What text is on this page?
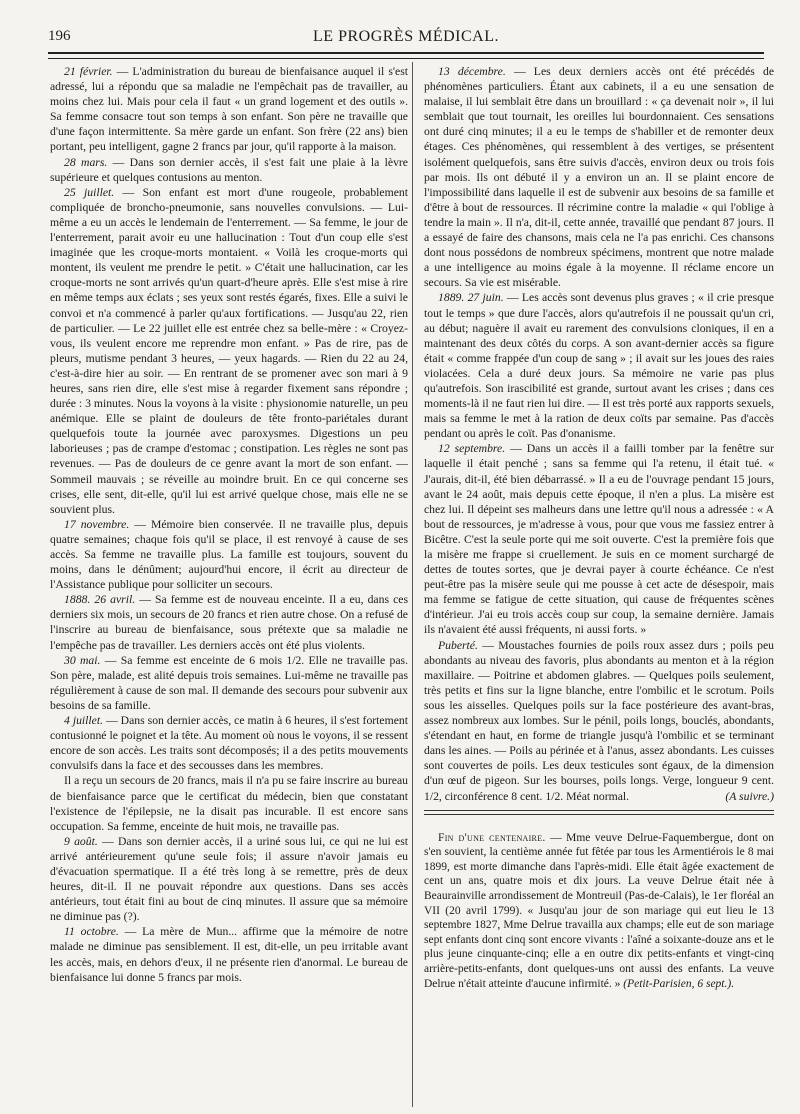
196	LE PROGRÈS MÉDICAL.

21 février. — L'administration du bureau de bienfaisance auquel il s'est adressé, lui a répondu que sa maladie ne l'empêchait pas de travailler, au moins chez lui. Mais pour cela il faut « un grand logement et des outils ». Sa femme consacre tout son temps à son enfant. Son père ne travaille que d'une façon intermittente. Sa mère garde un enfant. Son frère (22 ans) bien portant, peu intelligent, gagne 2 francs par jour, qu'il rapporte à la maison.

28 mars. — Dans son dernier accès, il s'est fait une plaie à la lèvre supérieure et quelques contusions au menton.

25 juillet. — Son enfant est mort d'une rougeole, probablement compliquée de broncho-pneumonie, sans nouvelles convulsions. — Lui-même a eu un accès le lendemain de l'enterrement. — Sa femme, le jour de l'enterrement, parait avoir eu une hallucination : Tout d'un coup elle s'est imaginée que les croque-morts montaient. « Voilà les croque-morts qui montent, ils veulent me prendre le petit. » C'était une hallucination, car les croque-morts ne sont arrivés qu'un quart-d'heure après. Elle s'est mise à rire en même temps aux éclats ; ses yeux sont restés égarés, fixes. Elle a suivi le convoi et n'a commencé à parler qu'aux fortifications. — Jusqu'au 22, rien de particulier. — Le 22 juillet elle est entrée chez sa belle-mère : « Croyez-vous, ils veulent encore me reprendre mon enfant. » Pas de rire, pas de pleurs, mutisme pendant 3 heures, — yeux hagards. — Rien du 22 au 24, c'est-à-dire hier au soir. — En rentrant de se promener avec son mari à 9 heures, sans rien dire, elle s'est mise à regarder fixement sans répondre ; durée : 3 minutes. Nous la voyons à la visite : physionomie naturelle, un peu anémique. Elle se plaint de douleurs de tête fronto-pariétales durant quelquefois toute la journée avec paroxysmes. Digestions un peu laborieuses ; pas de crampe d'estomac ; constipation. Les règles ne sont pas revenues. — Pas de douleurs de ce genre avant la mort de son enfant. — Sommeil mauvais ; se réveille au moindre bruit. En ce qui concerne ses crises, elle sent, dit-elle, qu'il lui est arrivé quelque chose, mais elle ne se souvient plus.

17 novembre. — Mémoire bien conservée. Il ne travaille plus, depuis quatre semaines; chaque fois qu'il se place, il est renvoyé à cause de ses accès. Sa femme ne travaille plus. La famille est toujours, souvent du moins, dans le dénûment; aujourd'hui encore, il écrit au directeur de l'Assistance publique pour solliciter un secours.

1888. 26 avril. — Sa femme est de nouveau enceinte. Il a eu, dans ces derniers six mois, un secours de 20 francs et rien autre chose. On a refusé de l'inscrire au bureau de bienfaisance, sous prétexte que sa maladie ne l'empêche pas de travailler. Les derniers accès ont été plus violents.

30 mai. — Sa femme est enceinte de 6 mois 1/2. Elle ne travaille pas. Son père, malade, est alité depuis trois semaines. Lui-même ne travaille pas régulièrement à cause de son mal. Il demande des secours pour subvenir aux besoins de sa famille.

4 juillet. — Dans son dernier accès, ce matin à 6 heures, il s'est fortement contusionné le poignet et la tête. Au moment où nous le voyons, il se ressent encore de son accès. Les traits sont décomposés; il a des petits mouvements convulsifs dans la face et des secousses dans les membres.

Il a reçu un secours de 20 francs, mais il n'a pu se faire inscrire au bureau de bienfaisance parce que le certificat du médecin, bien que constatant l'existence de l'épilepsie, ne la disait pas incurable. Il est encore sans occupation. Sa femme, enceinte de huit mois, ne travaille pas.

9 août. — Dans son dernier accès, il a uriné sous lui, ce qui ne lui est arrivé antérieurement qu'une seule fois; il assure n'avoir jamais eu d'évacuation spermatique. Il a été très long à se remettre, près de deux heures, dit-il. Il ne pouvait répondre aux questions. Dans ses accès antérieurs, tout était fini au bout de cinq minutes. Il assure que sa mémoire ne diminue pas (?).

11 octobre. — La mère de Mun... affirme que la mémoire de notre malade ne diminue pas sensiblement. Il est, dit-elle, un peu irritable avant les accès, mais, en dehors d'eux, il ne présente rien d'anormal. Le bureau de bienfaisance lui donne 5 francs par mois.

13 décembre. — Les deux derniers accès ont été précédés de phénomènes particuliers. Étant aux cabinets, il a eu une sensation de malaise, il lui semblait être dans un brouillard : « ça devenait noir », il lui semblait que tout tournait, les oreilles lui bourdonnaient. Ces sensations ont duré cinq minutes; il a eu le temps de s'habiller et de remonter deux étages. Ces phénomènes, qui ressemblent à des vertiges, se présentent isolément quelquefois, sans être suivis d'accès, environ deux ou trois fois par mois. Ils ont débuté il y a environ un an. Il se plaint encore de l'impossibilité dans laquelle il est de subvenir aux besoins de sa famille et d'être à bout de ressources. Il récrimine contre la maladie « qui l'oblige à tendre la main ». Il n'a, dit-il, cette année, travaillé que pendant 87 jours. Il a essayé de faire des chansons, mais cela ne l'a pas enrichi. Ces chansons dont nous possédons de nombreux spécimens, montrent que notre malade a une intelligence au moins égale à la moyenne. Il réclame encore un secours. Sa vie est misérable.

1889. 27 juin. — Les accès sont devenus plus graves ; « il crie presque tout le temps » que dure l'accès, alors qu'autrefois il ne poussait qu'un cri, au début; naguère il avait eu rarement des convulsions cloniques, il en a maintenant des deux côtés du corps. A son avant-dernier accès sa figure était « comme frappée d'un coup de sang » ; il avait sur les joues des raies violacées. Cela a duré deux jours. Sa mémoire ne varie pas plus qu'autrefois. Son irascibilité est grande, surtout avant les crises ; dans ces moments-là il ne faut rien lui dire. — Il est très porté aux rapports sexuels, mais sa femme le met à la ration de deux coïts par semaine. Pas d'accès pendant ou après le coït. Pas d'onanisme.

12 septembre. — Dans un accès il a failli tomber par la fenêtre sur laquelle il était penché ; sans sa femme qui l'a retenu, il était tué. « J'aurais, dit-il, été bien débarrassé. » Il a eu de l'ouvrage pendant 15 jours, avant le 24 août, mais depuis cette époque, il n'en a plus. La misère est chez lui. Il dépeint ses malheurs dans une lettre qu'il nous a adressée : « A bout de ressources, je m'adresse à vous, pour que vous me fassiez entrer à Bicêtre. C'est la seule porte qui me soit ouverte. C'est la première fois que la misère me frappe si cruellement. Je suis en ce moment surchargé de dettes de toutes sortes, que je devrai payer à courte échéance. Ce n'est peut-être pas la misère seule qui me pousse à cet acte de désespoir, mais ma femme se fatigue de cette situation, qui cause de fréquentes scènes d'intérieur. J'ai eu trois accès coup sur coup, la semaine dernière. Jamais ils n'avaient été aussi fréquents, ni aussi forts. »

Puberté. — Moustaches fournies de poils roux assez durs ; poils peu abondants au niveau des favoris, plus abondants au menton et à la région maxillaire. — Poitrine et abdomen glabres. — Quelques poils seulement, très petits et fins sur la ligne blanche, entre l'ombilic et le scrotum. Poils sous les aisselles. Quelques poils sur la face postérieure des avant-bras, assez nombreux aux lombes. Sur le pénil, poils longs, bouclés, abondants, s'étendant en haut, en forme de triangle jusqu'à l'ombilic et se terminant dans les aines. — Poils au périnée et à l'anus, assez abondants. Les cuisses sont couvertes de poils. Les deux testicules sont égaux, de la dimension d'un œuf de pigeon. Sur les bourses, poils longs. Verge, longueur 9 cent. 1/2, circonférence 8 cent. 1/2. Méat normal.	(A suivre.)

Fin d'une centenaire. — Mme veuve Delrue-Faquembergue, dont on s'en souvient, la centième année fut fêtée par tous les Armentiérois le 8 mai 1899, est morte dimanche dans l'après-midi. Elle était âgée exactement de cent un ans, quatre mois et dix jours. La veuve Delrue était née à Beaurainville arrondissement de Montreuil (Pas-de-Calais), le 1er floréal an VII (20 avril 1799). « Jusqu'au jour de son mariage qui eut lieu le 13 septembre 1827, Mme Delrue travailla aux champs; elle eut de son mariage sept enfants dont cinq sont encore vivants : l'aîné a soixante-douze ans et le plus jeune cinquante-cinq; elle a en outre dix petits-enfants et vingt-cinq arrière-petits-enfants, dont quelques-uns ont aussi des enfants. La veuve Delrue n'était atteinte d'aucune infirmité. » (Petit-Parisien, 6 sept.).
